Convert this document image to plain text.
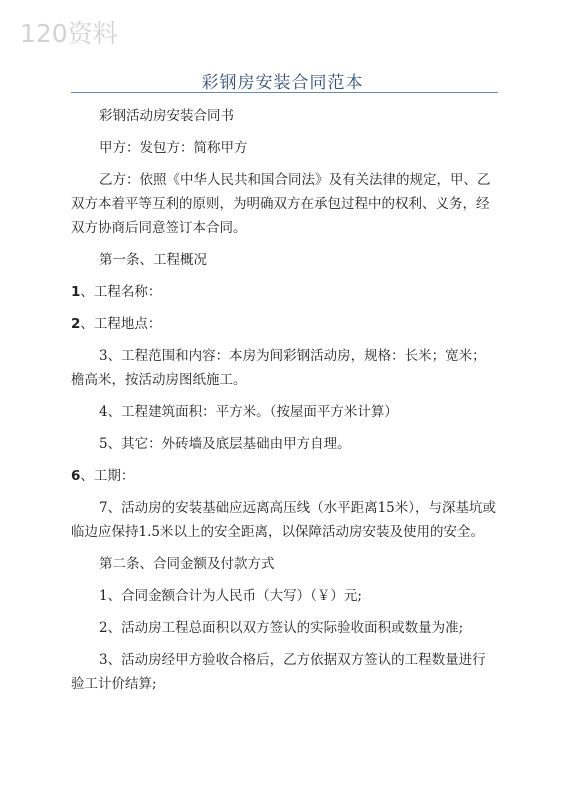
120资料
彩钢房安装合同范本

彩钢活动房安装合同书

甲方：发包方：简称甲方

乙方：依照《中华人民共和国合同法》及有关法律的规定，甲、乙双方本着平等互利的原则，为明确双方在承包过程中的权利、义务，经双方协商后同意签订本合同。

第一条、工程概况

1、工程名称：

2、工程地点：

3、工程范围和内容：本房为间彩钢活动房，规格：长米；宽米；檐高米，按活动房图纸施工。

4、工程建筑面积：平方米。（按屋面平方米计算）

5、其它：外砖墙及底层基础由甲方自理。

6、工期：

7、活动房的安装基础应远离高压线（水平距离15米），与深基坑或临边应保持1.5米以上的安全距离，以保障活动房安装及使用的安全。

第二条、合同金额及付款方式

1、合同金额合计为人民币（大写）（￥）元;

2、活动房工程总面积以双方签认的实际验收面积或数量为准;

3、活动房经甲方验收合格后，乙方依据双方签认的工程数量进行验工计价结算;
